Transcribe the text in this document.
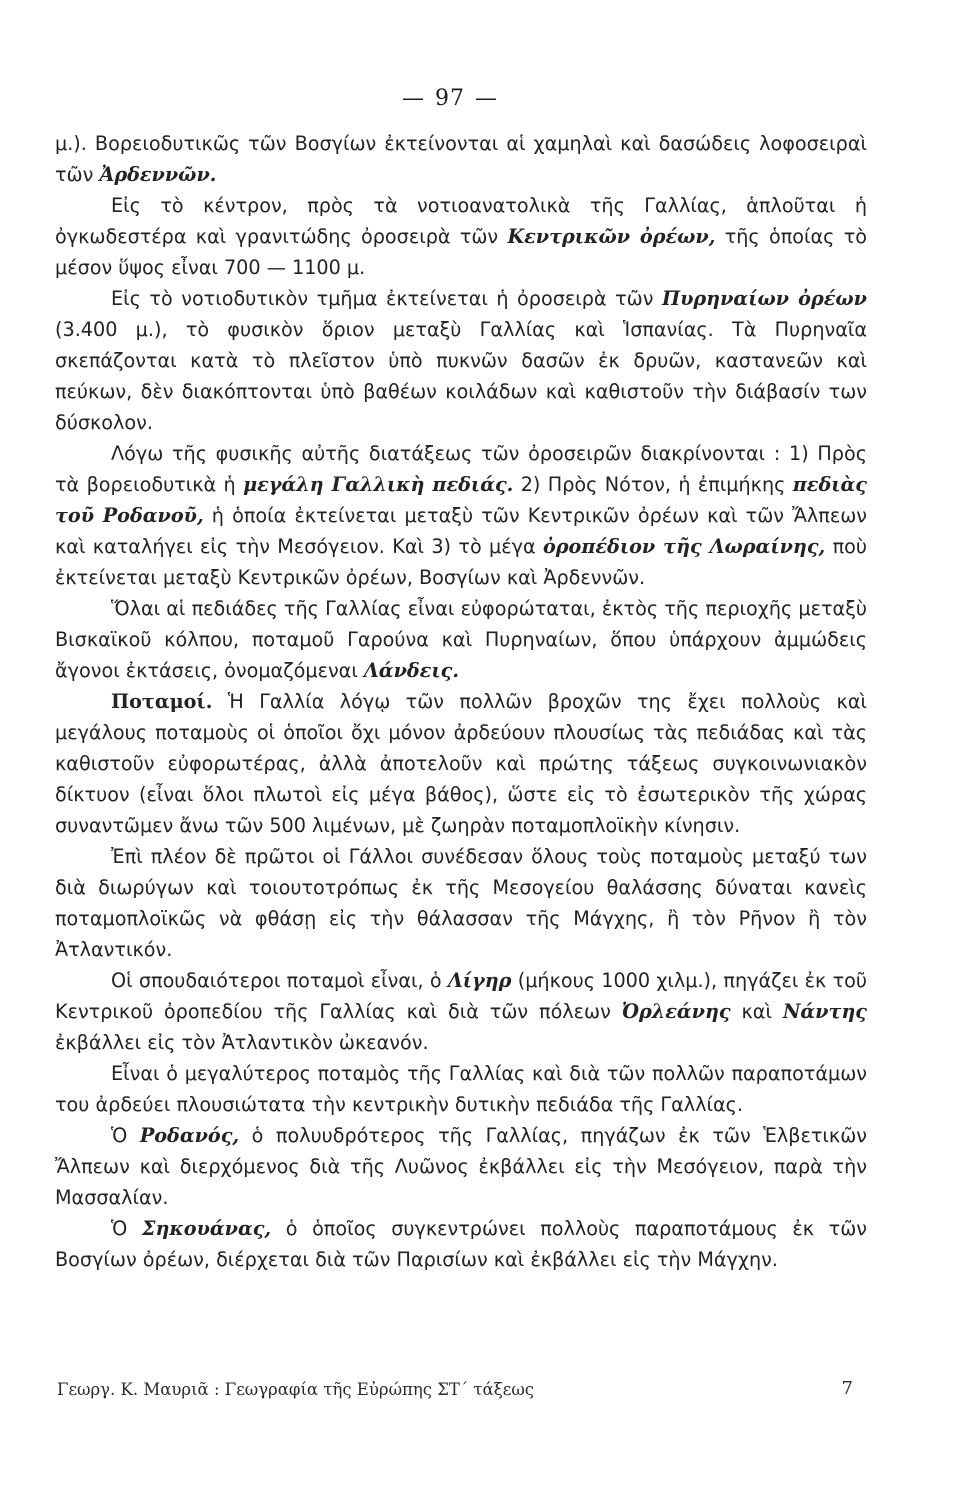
— 97 —

μ.). Βορειοδυτικῶς τῶν Βοσγίων ἐκτείνονται αἱ χαμηλαὶ καὶ δασώδεις λοφοσειραὶ τῶν Ἀρδεννῶν.

Εἰς τὸ κέντρον, πρὸς τὰ νοτιοανατολικὰ τῆς Γαλλίας, ἁπλοῦται ἡ ὀγκωδεστέρα καὶ γρανιτώδης ὀροσειρὰ τῶν Κεντρικῶν ὀρέων, τῆς ὁποίας τὸ μέσον ὕψος εἶναι 700 — 1100 μ.

Εἰς τὸ νοτιοδυτικὸν τμῆμα ἐκτείνεται ἡ ὀροσειρὰ τῶν Πυρηναίων ὀρέων (3.400 μ.), τὸ φυσικὸν ὅριον μεταξὺ Γαλλίας καὶ Ἱσπανίας. Τὰ Πυρηναῖα σκεπάζονται κατὰ τὸ πλεῖστον ὑπὸ πυκνῶν δασῶν ἐκ δρυῶν, καστανεῶν καὶ πεύκων, δὲν διακόπτονται ὑπὸ βαθέων κοιλάδων καὶ καθιστοῦν τὴν διάβασίν των δύσκολον.

Λόγω τῆς φυσικῆς αὐτῆς διατάξεως τῶν ὀροσειρῶν διακρίνονται : 1) Πρὸς τὰ βορειοδυτικὰ ἡ μεγάλη Γαλλικὴ πεδιάς. 2) Πρὸς Νότον, ἡ ἐπιμήκης πεδιὰς τοῦ Ροδανοῦ, ἡ ὁποία ἐκτείνεται μεταξὺ τῶν Κεντρικῶν ὀρέων καὶ τῶν Ἄλπεων καὶ καταλήγει εἰς τὴν Μεσόγειον. Καὶ 3) τὸ μέγα ὀροπέδιον τῆς Λωραίνης, ποὺ ἐκτείνεται μεταξὺ Κεντρικῶν ὀρέων, Βοσγίων καὶ Ἀρδεννῶν.

Ὅλαι αἱ πεδιάδες τῆς Γαλλίας εἶναι εὐφορώταται, ἐκτὸς τῆς περιοχῆς μεταξὺ Βισκαϊκοῦ κόλπου, ποταμοῦ Γαρούνα καὶ Πυρηναίων, ὅπου ὑπάρχουν ἀμμώδεις ἄγονοι ἐκτάσεις, ὀνομαζόμεναι Λάνδεις.

Ποταμοί. Ἡ Γαλλία λόγῳ τῶν πολλῶν βροχῶν της ἔχει πολλοὺς καὶ μεγάλους ποταμοὺς οἱ ὁποῖοι ὄχι μόνον ἀρδεύουν πλουσίως τὰς πεδιάδας καὶ τὰς καθιστοῦν εὐφορωτέρας, ἀλλὰ ἀποτελοῦν καὶ πρώτης τάξεως συγκοινωνιακὸν δίκτυον (εἶναι ὅλοι πλωτοὶ εἰς μέγα βάθος), ὥστε εἰς τὸ ἐσωτερικὸν τῆς χώρας συναντῶμεν ἄνω τῶν 500 λιμένων, μὲ ζωηρὰν ποταμοπλοϊκὴν κίνησιν.

Ἐπὶ πλέον δὲ πρῶτοι οἱ Γάλλοι συνέδεσαν ὅλους τοὺς ποταμοὺς μεταξύ των διὰ διωρύγων καὶ τοιουτοτρόπως ἐκ τῆς Μεσογείου θαλάσσης δύναται κανεὶς ποταμοπλοϊκῶς νὰ φθάσῃ εἰς τὴν θάλασσαν τῆς Μάγχης, ἢ τὸν Ρῆνον ἢ τὸν Ἀτλαντικόν.

Οἱ σπουδαιότεροι ποταμοὶ εἶναι, ὁ Λίγηρ (μήκους 1000 χιλμ.), πηγάζει ἐκ τοῦ Κεντρικοῦ ὀροπεδίου τῆς Γαλλίας καὶ διὰ τῶν πόλεων Ὀρλεάνης καὶ Νάντης ἐκβάλλει εἰς τὸν Ἀτλαντικὸν ὠκεανόν.

Εἶναι ὁ μεγαλύτερος ποταμὸς τῆς Γαλλίας καὶ διὰ τῶν πολλῶν παραποτάμων του ἀρδεύει πλουσιώτατα τὴν κεντρικὴν δυτικὴν πεδιάδα τῆς Γαλλίας.

Ὁ Ροδανός, ὁ πολυυδρότερος τῆς Γαλλίας, πηγάζων ἐκ τῶν Ἑλβετικῶν Ἄλπεων καὶ διερχόμενος διὰ τῆς Λυῶνος ἐκβάλλει εἰς τὴν Μεσόγειον, παρὰ τὴν Μασσαλίαν.

Ὁ Σηκουάνας, ὁ ὁποῖος συγκεντρώνει πολλοὺς παραποτάμους ἐκ τῶν Βοσγίων ὀρέων, διέρχεται διὰ τῶν Παρισίων καὶ ἐκβάλλει εἰς τὴν Μάγχην.

Γεωργ. Κ. Μαυριᾶ : Γεωγραφία τῆς Εὐρώπης ΣΤ΄ τάξεως	7
